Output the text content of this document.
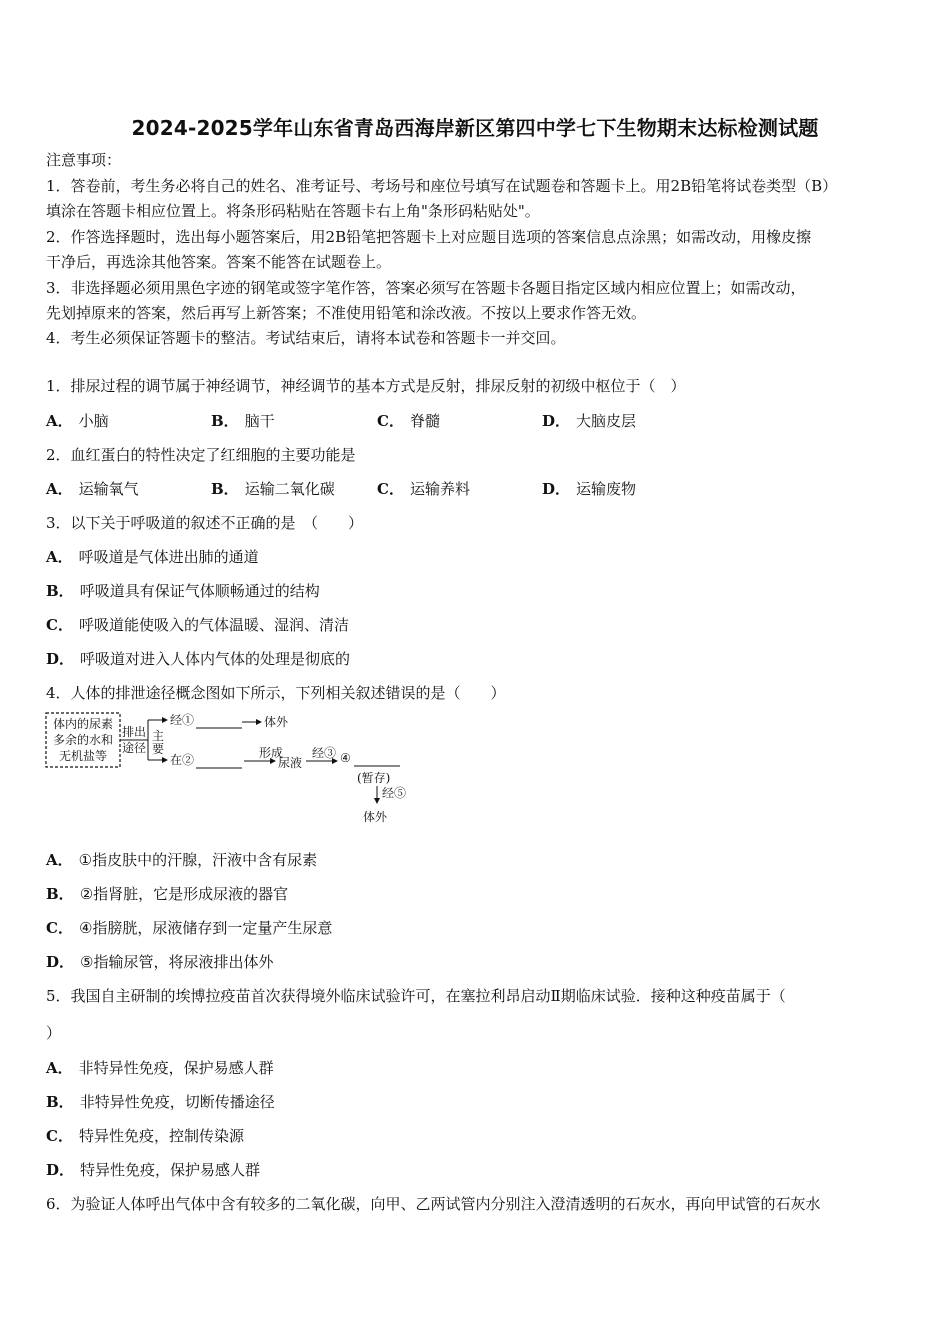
2024-2025学年山东省青岛西海岸新区第四中学七下生物期末达标检测试题
注意事项：
1．答卷前，考生务必将自己的姓名、准考证号、考场号和座位号填写在试题卷和答题卡上。用2B铅笔将试卷类型（B）
填涂在答题卡相应位置上。将条形码粘贴在答题卡右上角"条形码粘贴处"。
2．作答选择题时，选出每小题答案后，用2B铅笔把答题卡上对应题目选项的答案信息点涂黑；如需改动，用橡皮擦
干净后，再选涂其他答案。答案不能答在试题卷上。
3．非选择题必须用黑色字迹的钢笔或签字笔作答，答案必须写在答题卡各题目指定区域内相应位置上；如需改动，
先划掉原来的答案，然后再写上新答案；不准使用铅笔和涂改液。不按以上要求作答无效。
4．考生必须保证答题卡的整洁。考试结束后，请将本试卷和答题卡一并交回。
1．排尿过程的调节属于神经调节，神经调节的基本方式是反射，排尿反射的初级中枢位于（　）
A． 小脑	B． 脑干	C． 脊髓	D． 大脑皮层
2．血红蛋白的特性决定了红细胞的主要功能是
A． 运输氧气	B． 运输二氧化碳	C． 运输养料	D． 运输废物
3．以下关于呼吸道的叙述不正确的是　（　　）
A． 呼吸道是气体进出肺的通道
B． 呼吸道具有保证气体顺畅通过的结构
C． 呼吸道能使吸入的气体温暖、湿润、清洁
D． 呼吸道对进入人体内气体的处理是彻底的
4．人体的排泄途径概念图如下所示，下列相关叙述错误的是（　　）
体内的尿素
多余的水和
无机盐等
排出
途径
主
要
经①	体外
在②	形成
尿液
经③ ④
(暂存)
经⑤
体外
A． ①指皮肤中的汗腺，汗液中含有尿素
B． ②指肾脏，它是形成尿液的器官
C． ④指膀胱，尿液储存到一定量产生尿意
D． ⑤指输尿管，将尿液排出体外
5．我国自主研制的埃博拉疫苗首次获得境外临床试验许可，在塞拉利昂启动Ⅱ期临床试验．接种这种疫苗属于（
）
A． 非特异性免疫，保护易感人群
B． 非特异性免疫，切断传播途径
C． 特异性免疫，控制传染源
D． 特异性免疫，保护易感人群
6．为验证人体呼出气体中含有较多的二氧化碳，向甲、乙两试管内分别注入澄清透明的石灰水，再向甲试管的石灰水
